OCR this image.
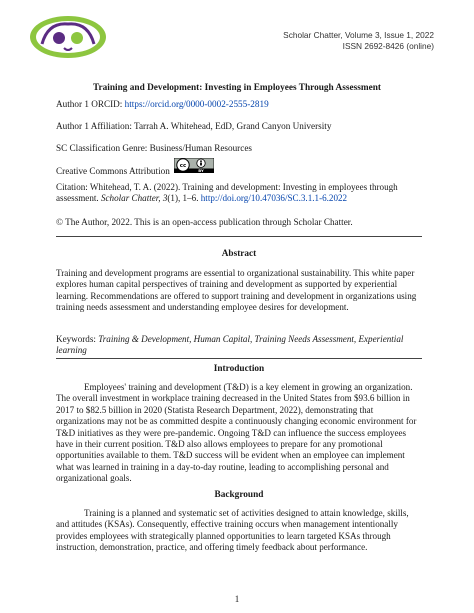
Scholar Chatter, Volume 3, Issue 1, 2022
ISSN 2692-8426 (online)
Training and Development: Investing in Employees Through Assessment
Author 1 ORCID: https://orcid.org/0000-0002-2555-2819
Author 1 Affiliation: Tarrah A. Whitehead, EdD, Grand Canyon University
SC Classification Genre: Business/Human Resources
Creative Commons Attribution cc
BY

Citation: Whitehead, T. A. (2022). Training and development: Investing in employees through assessment. Scholar Chatter, 3(1), 1–6. http://doi.org/10.47036/SC.3.1.1-6.2022

© The Author, 2022. This is an open-access publication through Scholar Chatter.
Abstract

Training and development programs are essential to organizational sustainability. This white paper explores human capital perspectives of training and development as supported by experiential learning. Recommendations are offered to support training and development in organizations using training needs assessment and understanding employee desires for development.

Keywords: Training & Development, Human Capital, Training Needs Assessment, Experiential learning

Introduction

Employees' training and development (T&D) is a key element in growing an organization. The overall investment in workplace training decreased in the United States from $93.6 billion in 2017 to $82.5 billion in 2020 (Statista Research Department, 2022), demonstrating that organizations may not be as committed despite a continuously changing economic environment for T&D initiatives as they were pre-pandemic. Ongoing T&D can influence the success employees have in their current position. T&D also allows employees to prepare for any promotional opportunities available to them. T&D success will be evident when an employee can implement what was learned in training in a day-to-day routine, leading to accomplishing personal and organizational goals.

Background

Training is a planned and systematic set of activities designed to attain knowledge, skills, and attitudes (KSAs). Consequently, effective training occurs when management intentionally provides employees with strategically planned opportunities to learn targeted KSAs through instruction, demonstration, practice, and offering timely feedback about performance.

1
